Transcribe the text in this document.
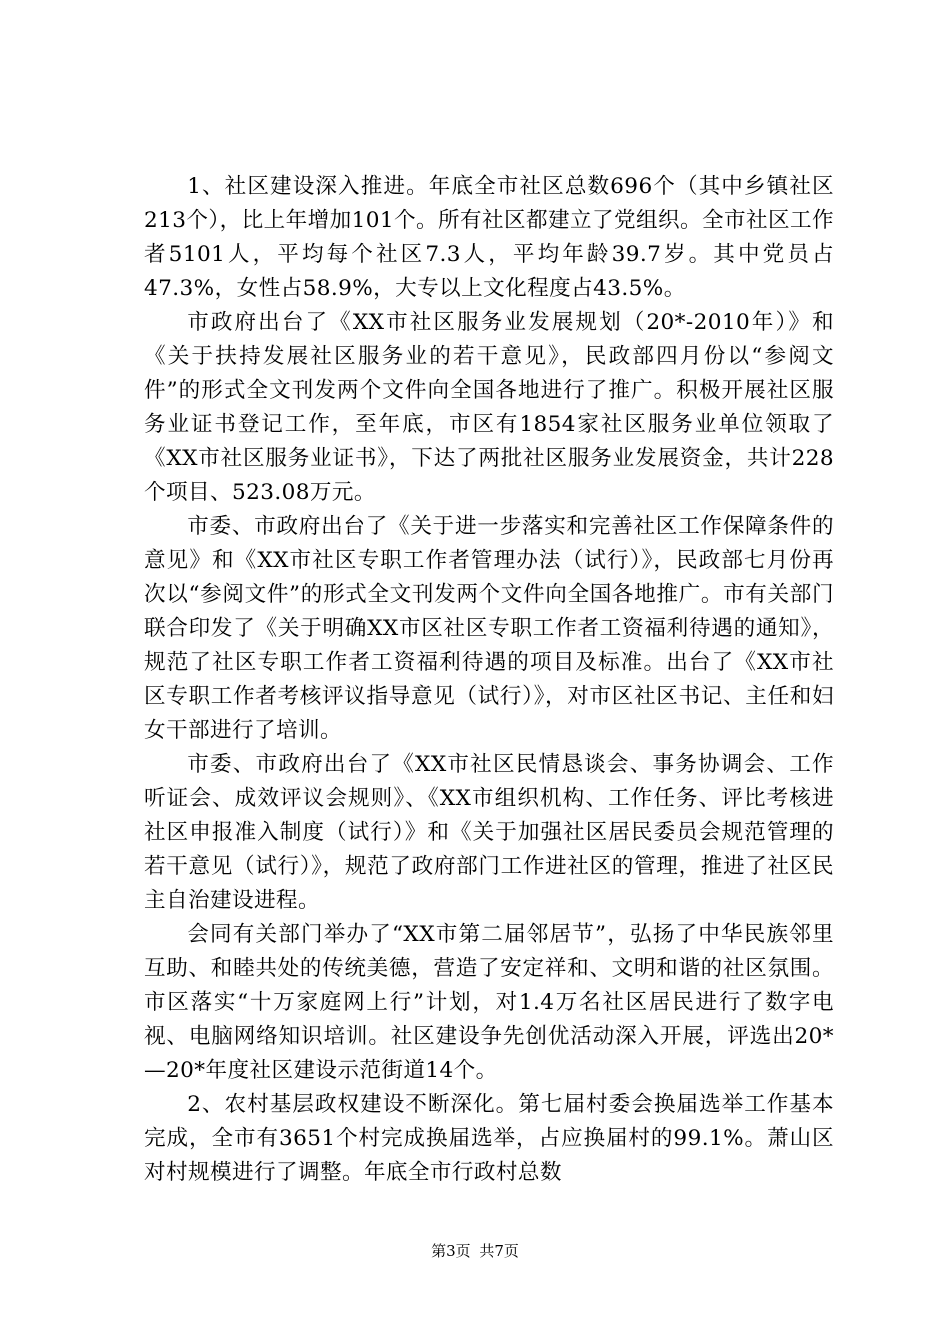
1、社区建设深入推进。年底全市社区总数696个（其中乡镇社区213个），比上年增加101个。所有社区都建立了党组织。全市社区工作者5101人，平均每个社区7.3人，平均年龄39.7岁。其中党员占47.3%，女性占58.9%，大专以上文化程度占43.5%。

市政府出台了《XX市社区服务业发展规划（20*-2010年）》和《关于扶持发展社区服务业的若干意见》，民政部四月份以“参阅文件”的形式全文刊发两个文件向全国各地进行了推广。积极开展社区服务业证书登记工作，至年底，市区有1854家社区服务业单位领取了《XX市社区服务业证书》，下达了两批社区服务业发展资金，共计228个项目、523.08万元。

市委、市政府出台了《关于进一步落实和完善社区工作保障条件的意见》和《XX市社区专职工作者管理办法（试行）》，民政部七月份再次以“参阅文件”的形式全文刊发两个文件向全国各地推广。市有关部门联合印发了《关于明确XX市区社区专职工作者工资福利待遇的通知》，规范了社区专职工作者工资福利待遇的项目及标准。出台了《XX市社区专职工作者考核评议指导意见（试行）》，对市区社区书记、主任和妇女干部进行了培训。

市委、市政府出台了《XX市社区民情恳谈会、事务协调会、工作听证会、成效评议会规则》、《XX市组织机构、工作任务、评比考核进社区申报准入制度（试行）》和《关于加强社区居民委员会规范管理的若干意见（试行）》，规范了政府部门工作进社区的管理，推进了社区民主自治建设进程。

会同有关部门举办了“XX市第二届邻居节”，弘扬了中华民族邻里互助、和睦共处的传统美德，营造了安定祥和、文明和谐的社区氛围。市区落实“十万家庭网上行”计划，对1.4万名社区居民进行了数字电视、电脑网络知识培训。社区建设争先创优活动深入开展，评选出20*—20*年度社区建设示范街道14个。

2、农村基层政权建设不断深化。第七届村委会换届选举工作基本完成，全市有3651个村完成换届选举，占应换届村的99.1%。萧山区对村规模进行了调整。年底全市行政村总数

第3页 共7页
